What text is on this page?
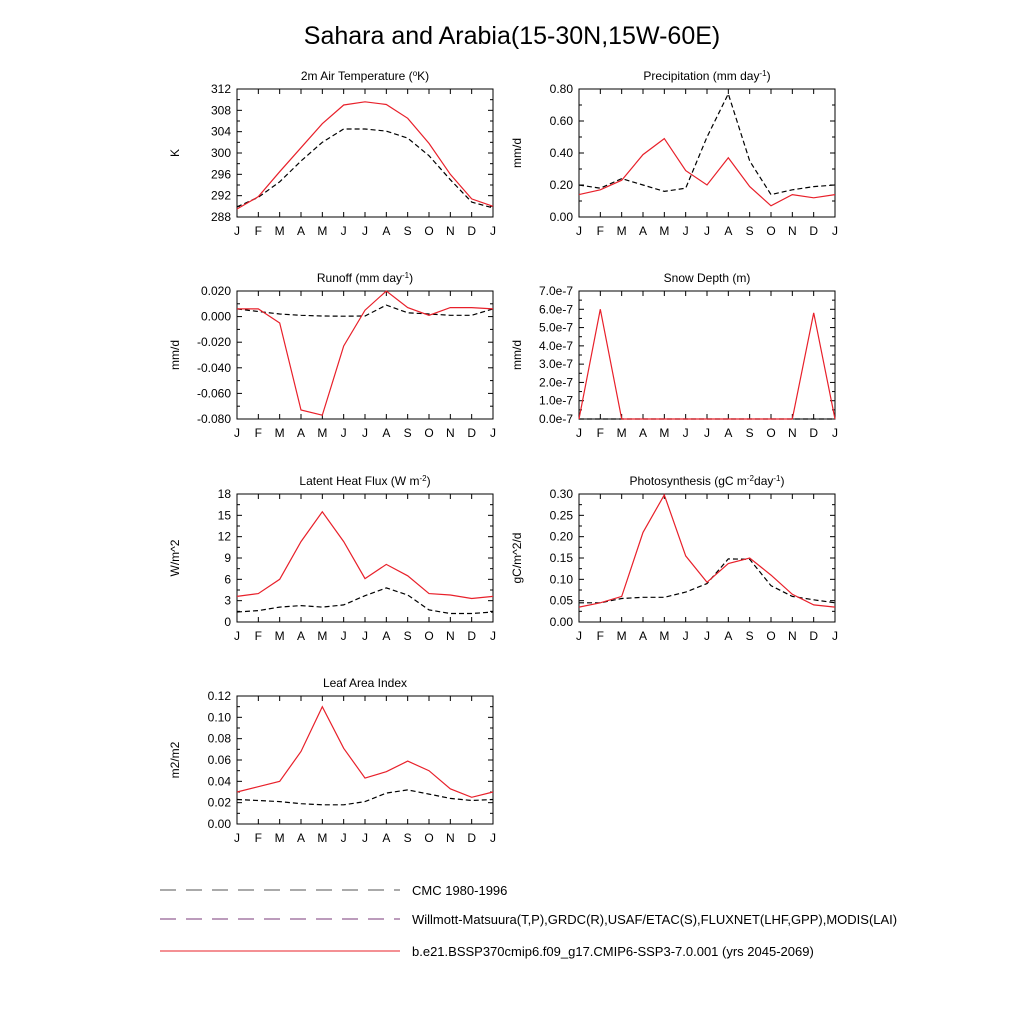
Sahara and Arabia(15-30N,15W-60E)
2m Air Temperature ($^o$K)
J F M A M J J A S O N D J
288
292
296
300
304
308
312
K
Precipitation (mm day$^{-1}$)
J F M A M J J A S O N D J
0.00
0.20
0.40
0.60
0.80
mm/d
Runoff (mm day$^{-1}$)
J F M A M J J A S O N D J
-0.080
-0.060
-0.040
-0.020
0.000
0.020
mm/d
Snow Depth (m)
J F M A M J J A S O N D J
0.0e-7
1.0e-7
2.0e-7
3.0e-7
4.0e-7
5.0e-7
6.0e-7
7.0e-7
mm/d
Latent Heat Flux (W $m^{-2}$)
J F M A M J J A S O N D J
0
3
6
9
12
15
18
W/m^2
Photosynthesis (gC $m^{-2}day^{-1}$)
J F M A M J J A S O N D J
0.00
0.05
0.10
0.15
0.20
0.25
0.30
gC/m^2/d
Leaf Area Index
J F M A M J J A S O N D J
0.00
0.02
0.04
0.06
0.08
0.10
0.12
m2/m2
CMC 1980-1996
Willmott-Matsuura(T,P),GRDC(R),USAF/ETAC(S),FLUXNET(LHF,GPP),MODIS(LAI)
b.e21.BSSP370cmip6.f09_g17.CMIP6-SSP3-7.0.001 (yrs 2045-2069)
